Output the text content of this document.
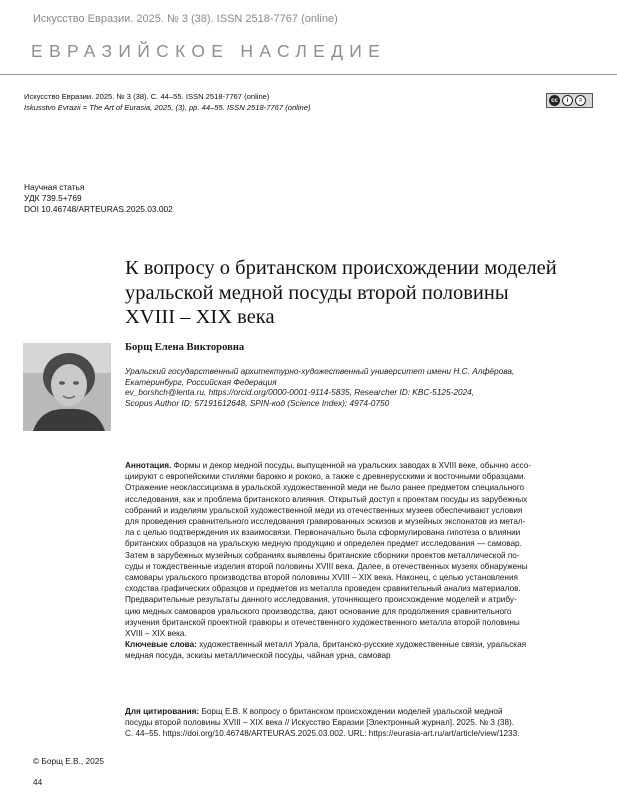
Искусство Евразии. 2025. № 3 (38). ISSN 2518-7767 (online)
ЕВРАЗИЙСКОЕ НАСЛЕДИЕ
Искусство Евразии. 2025. № 3 (38). С. 44–55. ISSN 2518-7767 (online)
Iskusstvo Evrazii = The Art of Eurasia, 2025, (3), pp. 44–55. ISSN 2518-7767 (online)
cc	i	=
Научная статья
УДК 739.5+769
DOI 10.46748/ARTEURAS.2025.03.002
К вопросу о британском происхождении моделей
уральской медной посуды второй половины
XVIII – XIX века
Борщ Елена Викторовна
Уральский государственный архитектурно-художественный университет имени Н.С. Алфёрова,
Екатеринбург, Российская Федерация
ev_borshch@lenta.ru, https://orcid.org/0000-0001-9114-5835, Researcher ID: KBC-5125-2024,
Scopus Author ID: 57191612648, SPIN-код (Science Index): 4974-0750
Аннотация. Формы и декор медной посуды, выпущенной на уральских заводах в XVIII веке, обычно ассо-
циируют с европейскими стилями барокко и рококо, а также с древнерусскими и восточными образцами.
Отражение неоклассицизма в уральской художественной меди не было ранее предметом специального
исследования, как и проблема британского влияния. Открытый доступ к проектам посуды из зарубежных
собраний и изделиям уральской художественной меди из отечественных музеев обеспечивают условия
для проведения сравнительного исследования гравированных эскизов и музейных экспонатов из метал-
ла с целью подтверждения их взаимосвязи. Первоначально была сформулирована гипотеза о влиянии
британских образцов на уральскую медную продукцию и определен предмет исследования — самовар.
Затем в зарубежных музейных собраниях выявлены британские сборники проектов металлической по-
суды и тождественные изделия второй половины XVIII века. Далее, в отечественных музеях обнаружены
самовары уральского производства второй половины XVIII – XIX века. Наконец, с целью установления
сходства графических образцов и предметов из металла проведен сравнительный анализ материалов.
Предварительные результаты данного исследования, уточняющего происхождение моделей и атрибу-
цию медных самоваров уральского производства, дают основание для продолжения сравнительного
изучения британской проектной гравюры и отечественного художественного металла второй половины
XVIII – XIX века.
Ключевые слова: художественный металл Урала, британско-русские художественные связи, уральская
медная посуда, эскизы металлической посуды, чайная урна, самовар
Для цитирования: Борщ Е.В. К вопросу о британском происхождении моделей уральской медной
посуды второй половины XVIII – XIX века // Искусство Евразии [Электронный журнал]. 2025. № 3 (38).
С. 44–55. https://doi.org/10.46748/ARTEURAS.2025.03.002. URL: https://eurasia-art.ru/art/article/view/1233.
© Борщ Е.В., 2025
44
